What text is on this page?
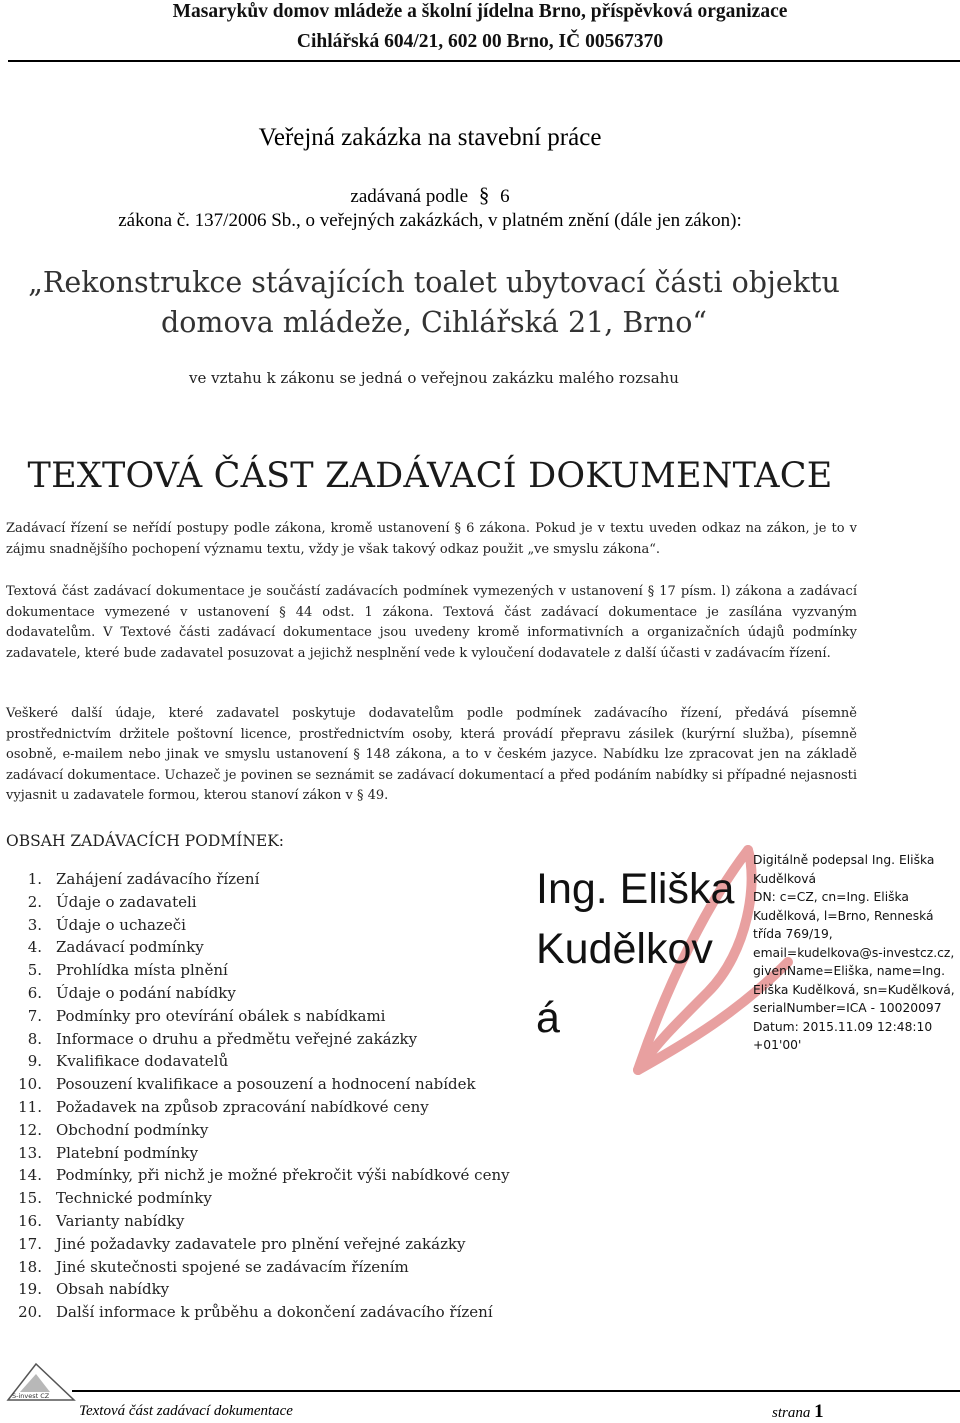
Masarykův domov mládeže a školní jídelna Brno, příspěvková organizace
Cihlářská 604/21, 602 00 Brno, IČ 00567370
Veřejná zakázka na stavební práce
zadávaná podle § 6
zákona č. 137/2006 Sb., o veřejných zakázkách, v platném znění (dále jen zákon):
„Rekonstrukce stávajících toalet ubytovací části objektu
domova mládeže, Cihlářská 21, Brno“
ve vztahu k zákonu se jedná o veřejnou zakázku malého rozsahu
TEXTOVÁ ČÁST ZADÁVACÍ DOKUMENTACE

Zadávací řízení se neřídí postupy podle zákona, kromě ustanovení § 6 zákona. Pokud je v textu uveden odkaz na zákon, je to v zájmu snadnějšího pochopení významu textu, vždy je však takový odkaz použit „ve smyslu zákona“.

Textová část zadávací dokumentace je součástí zadávacích podmínek vymezených v ustanovení § 17 písm. l) zákona a zadávací dokumentace vymezené v ustanovení § 44 odst. 1 zákona. Textová část zadávací dokumentace je zasílána vyzvaným dodavatelům. V Textové části zadávací dokumentace jsou uvedeny kromě informativních a organizačních údajů podmínky zadavatele, které bude zadavatel posuzovat a jejichž nesplnění vede k vyloučení dodavatele z další účasti v zadávacím řízení.

Veškeré další údaje, které zadavatel poskytuje dodavatelům podle podmínek zadávacího řízení, předává písemně prostřednictvím držitele poštovní licence, prostřednictvím osoby, která provádí přepravu zásilek (kurýrní služba), písemně osobně, e-mailem nebo jinak ve smyslu ustanovení § 148 zákona, a to v českém jazyce. Nabídku lze zpracovat jen na základě zadávací dokumentace. Uchazeč je povinen se seznámit se zadávací dokumentací a před podáním nabídky si případné nejasnosti vyjasnit u zadavatele formou, kterou stanoví zákon v § 49.

OBSAH ZADÁVACÍCH PODMÍNEK:
1. Zahájení zadávacího řízení
2. Údaje o zadavateli
3. Údaje o uchazeči
4. Zadávací podmínky
5. Prohlídka místa plnění
6. Údaje o podání nabídky
7. Podmínky pro otevírání obálek s nabídkami
8. Informace o druhu a předmětu veřejné zakázky
9. Kvalifikace dodavatelů
10. Posouzení kvalifikace a posouzení a hodnocení nabídek
11. Požadavek na způsob zpracování nabídkové ceny
12. Obchodní podmínky
13. Platební podmínky
14. Podmínky, při nichž je možné překročit výši nabídkové ceny
15. Technické podmínky
16. Varianty nabídky
17. Jiné požadavky zadavatele pro plnění veřejné zakázky
18. Jiné skutečnosti spojené se zadávacím řízením
19. Obsah nabídky
20. Další informace k průběhu a dokončení zadávacího řízení
Ing. Eliška
Kudělkov
á
Digitálně podepsal Ing. Eliška
Kudělková
DN: c=CZ, cn=Ing. Eliška
Kudělková, l=Brno, Renneská
třída 769/19,
email=kudelkova@s-investcz.cz,
givenName=Eliška, name=Ing.
Eliška Kudělková, sn=Kudělková,
serialNumber=ICA - 10020097
Datum: 2015.11.09 12:48:10
+01'00'
S-invest CZ
Textová část zadávací dokumentace	strana 1
